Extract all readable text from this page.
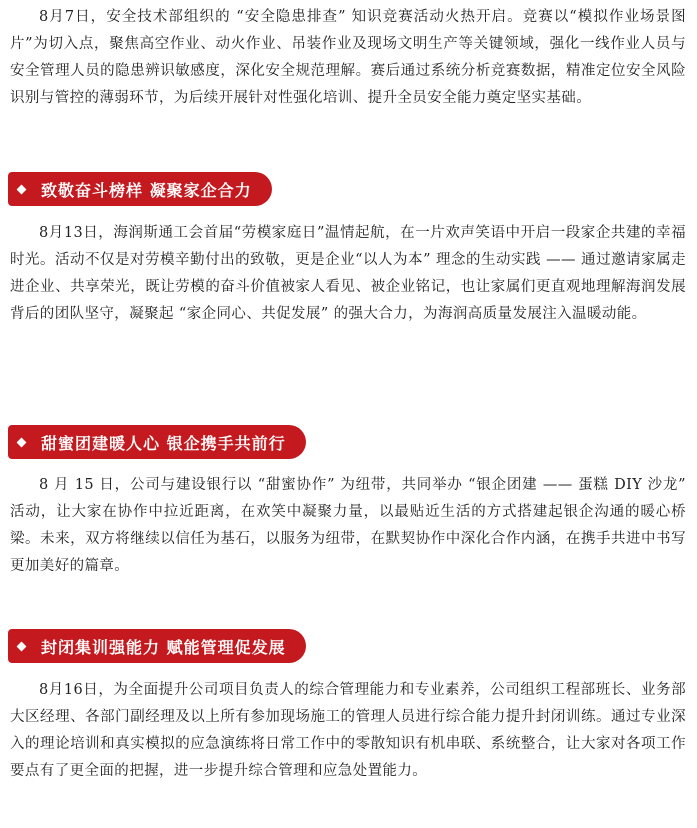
8月7日，安全技术部组织的 “安全隐患排查” 知识竞赛活动火热开启。竞赛以“模拟作业场景图片”为切入点，聚焦高空作业、动火作业、吊装作业及现场文明生产等关键领域，强化一线作业人员与安全管理人员的隐患辨识敏感度，深化安全规范理解。赛后通过系统分析竞赛数据，精准定位安全风险识别与管控的薄弱环节，为后续开展针对性强化培训、提升全员安全能力奠定坚实基础。

致敬奋斗榜样 凝聚家企合力

8月13日，海润斯通工会首届“劳模家庭日”温情起航，在一片欢声笑语中开启一段家企共建的幸福时光。活动不仅是对劳模辛勤付出的致敬，更是企业“以人为本” 理念的生动实践 —— 通过邀请家属走进企业、共享荣光，既让劳模的奋斗价值被家人看见、被企业铭记，也让家属们更直观地理解海润发展背后的团队坚守，凝聚起 “家企同心、共促发展” 的强大合力，为海润高质量发展注入温暖动能。

甜蜜团建暖人心 银企携手共前行

8 月 15 日，公司与建设银行以 “甜蜜协作” 为纽带，共同举办 “银企团建 —— 蛋糕 DIY 沙龙” 活动，让大家在协作中拉近距离，在欢笑中凝聚力量，以最贴近生活的方式搭建起银企沟通的暖心桥梁。未来，双方将继续以信任为基石，以服务为纽带，在默契协作中深化合作内涵，在携手共进中书写更加美好的篇章。

封闭集训强能力 赋能管理促发展

8月16日，为全面提升公司项目负责人的综合管理能力和专业素养，公司组织工程部班长、业务部大区经理、各部门副经理及以上所有参加现场施工的管理人员进行综合能力提升封闭训练。通过专业深入的理论培训和真实模拟的应急演练将日常工作中的零散知识有机串联、系统整合，让大家对各项工作要点有了更全面的把握，进一步提升综合管理和应急处置能力。
